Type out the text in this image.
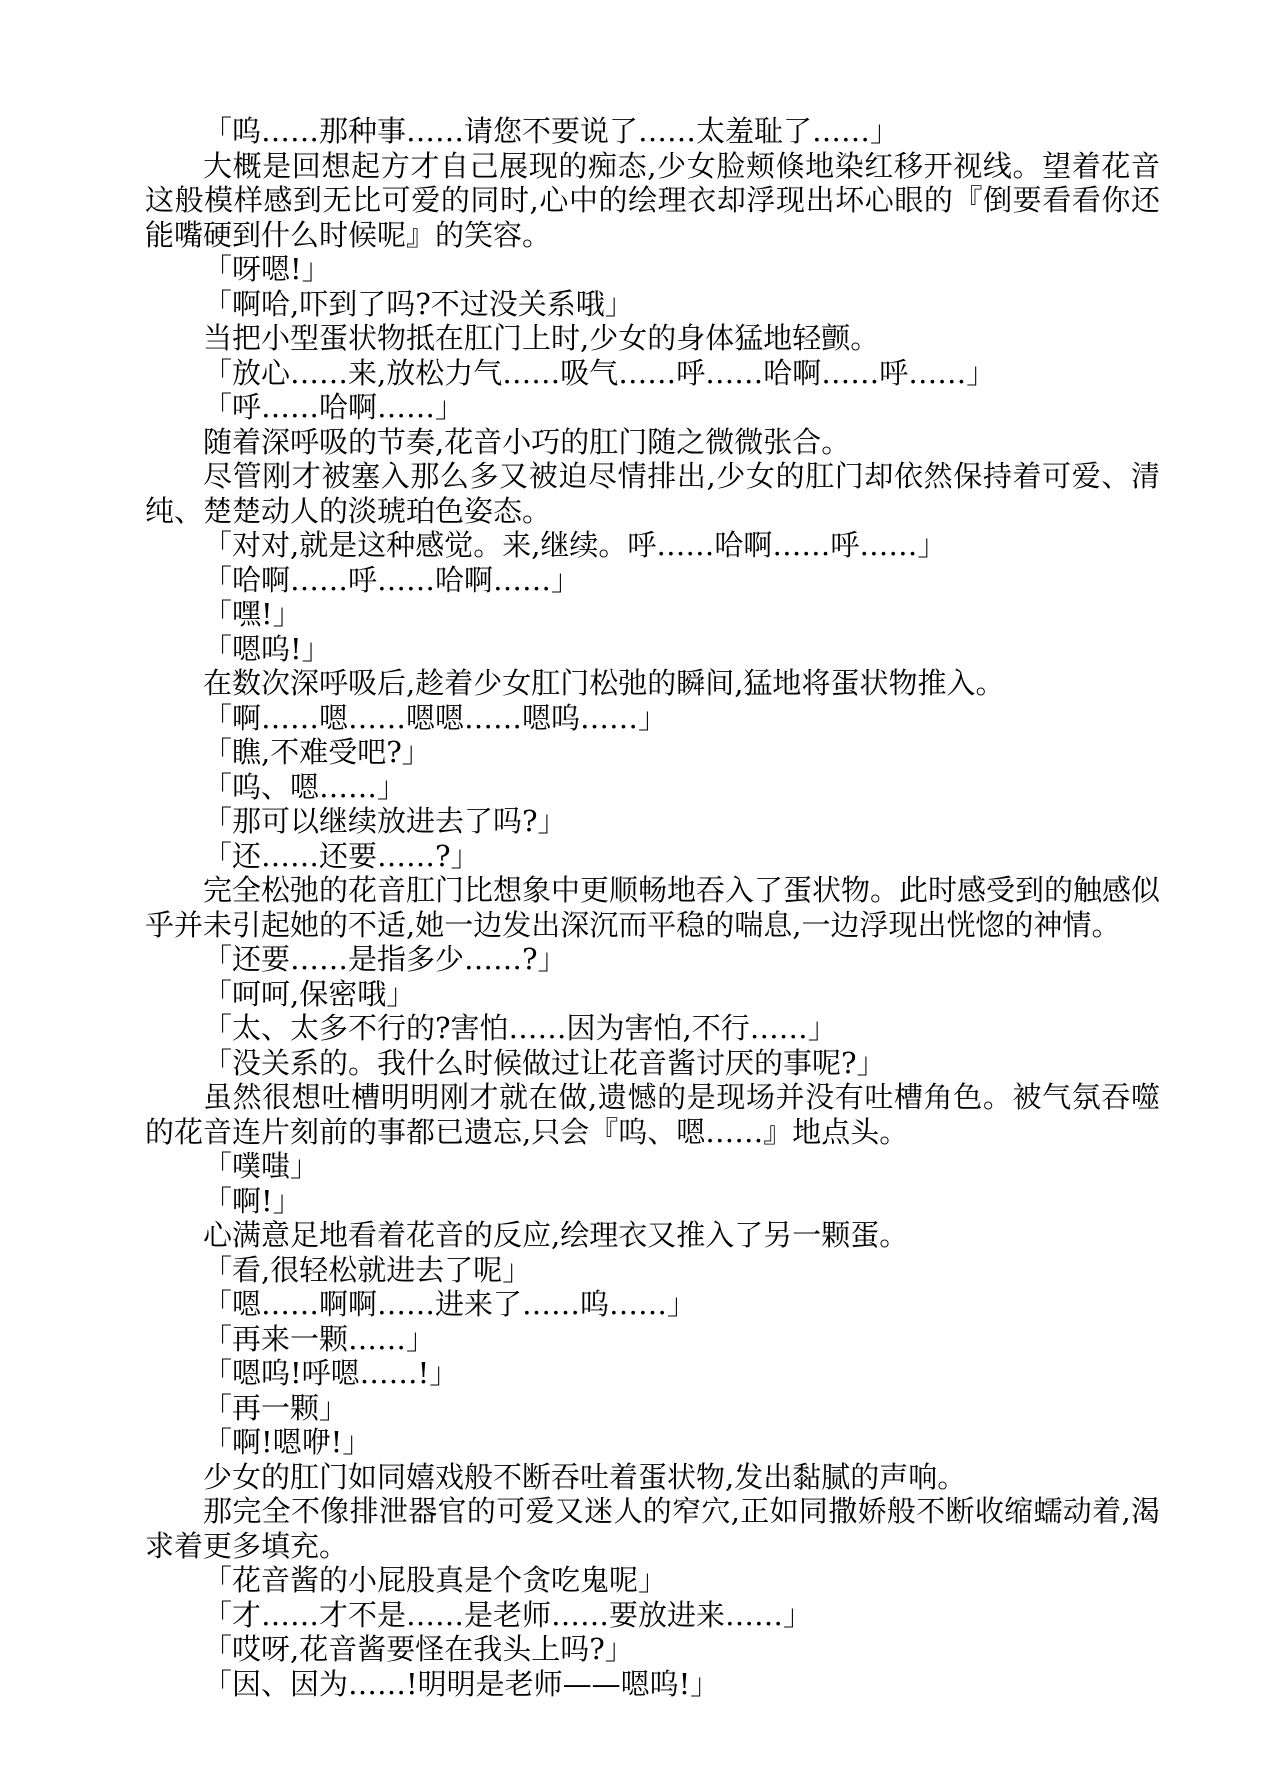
「呜……那种事……请您不要说了……太羞耻了……」

大概是回想起方才自己展现的痴态,少女脸颊倏地染红移开视线。望着花音这般模样感到无比可爱的同时,心中的绘理衣却浮现出坏心眼的『倒要看看你还能嘴硬到什么时候呢』的笑容。

「呀嗯!」

「啊哈,吓到了吗?不过没关系哦」

当把小型蛋状物抵在肛门上时,少女的身体猛地轻颤。

「放心……来,放松力气……吸气……呼……哈啊……呼……」

「呼……哈啊……」

随着深呼吸的节奏,花音小巧的肛门随之微微张合。

尽管刚才被塞入那么多又被迫尽情排出,少女的肛门却依然保持着可爱、清纯、楚楚动人的淡琥珀色姿态。

「对对,就是这种感觉。来,继续。呼……哈啊……呼……」

「哈啊……呼……哈啊……」

「嘿!」

「嗯呜!」

在数次深呼吸后,趁着少女肛门松弛的瞬间,猛地将蛋状物推入。

「啊……嗯……嗯嗯……嗯呜……」

「瞧,不难受吧?」

「呜、嗯……」

「那可以继续放进去了吗?」

「还……还要……?」

完全松弛的花音肛门比想象中更顺畅地吞入了蛋状物。此时感受到的触感似乎并未引起她的不适,她一边发出深沉而平稳的喘息,一边浮现出恍惚的神情。

「还要……是指多少……?」

「呵呵,保密哦」

「太、太多不行的?害怕……因为害怕,不行……」

「没关系的。我什么时候做过让花音酱讨厌的事呢?」

虽然很想吐槽明明刚才就在做,遗憾的是现场并没有吐槽角色。被气氛吞噬的花音连片刻前的事都已遗忘,只会『呜、嗯……』地点头。

「噗嗤」

「啊!」

心满意足地看着花音的反应,绘理衣又推入了另一颗蛋。

「看,很轻松就进去了呢」

「嗯……啊啊……进来了……呜……」

「再来一颗……」

「嗯呜!呼嗯……!」

「再一颗」

「啊!嗯咿!」

少女的肛门如同嬉戏般不断吞吐着蛋状物,发出黏腻的声响。

那完全不像排泄器官的可爱又迷人的窄穴,正如同撒娇般不断收缩蠕动着,渴求着更多填充。

「花音酱的小屁股真是个贪吃鬼呢」

「才……才不是……是老师……要放进来……」

「哎呀,花音酱要怪在我头上吗?」

「因、因为……!明明是老师——嗯呜!」
